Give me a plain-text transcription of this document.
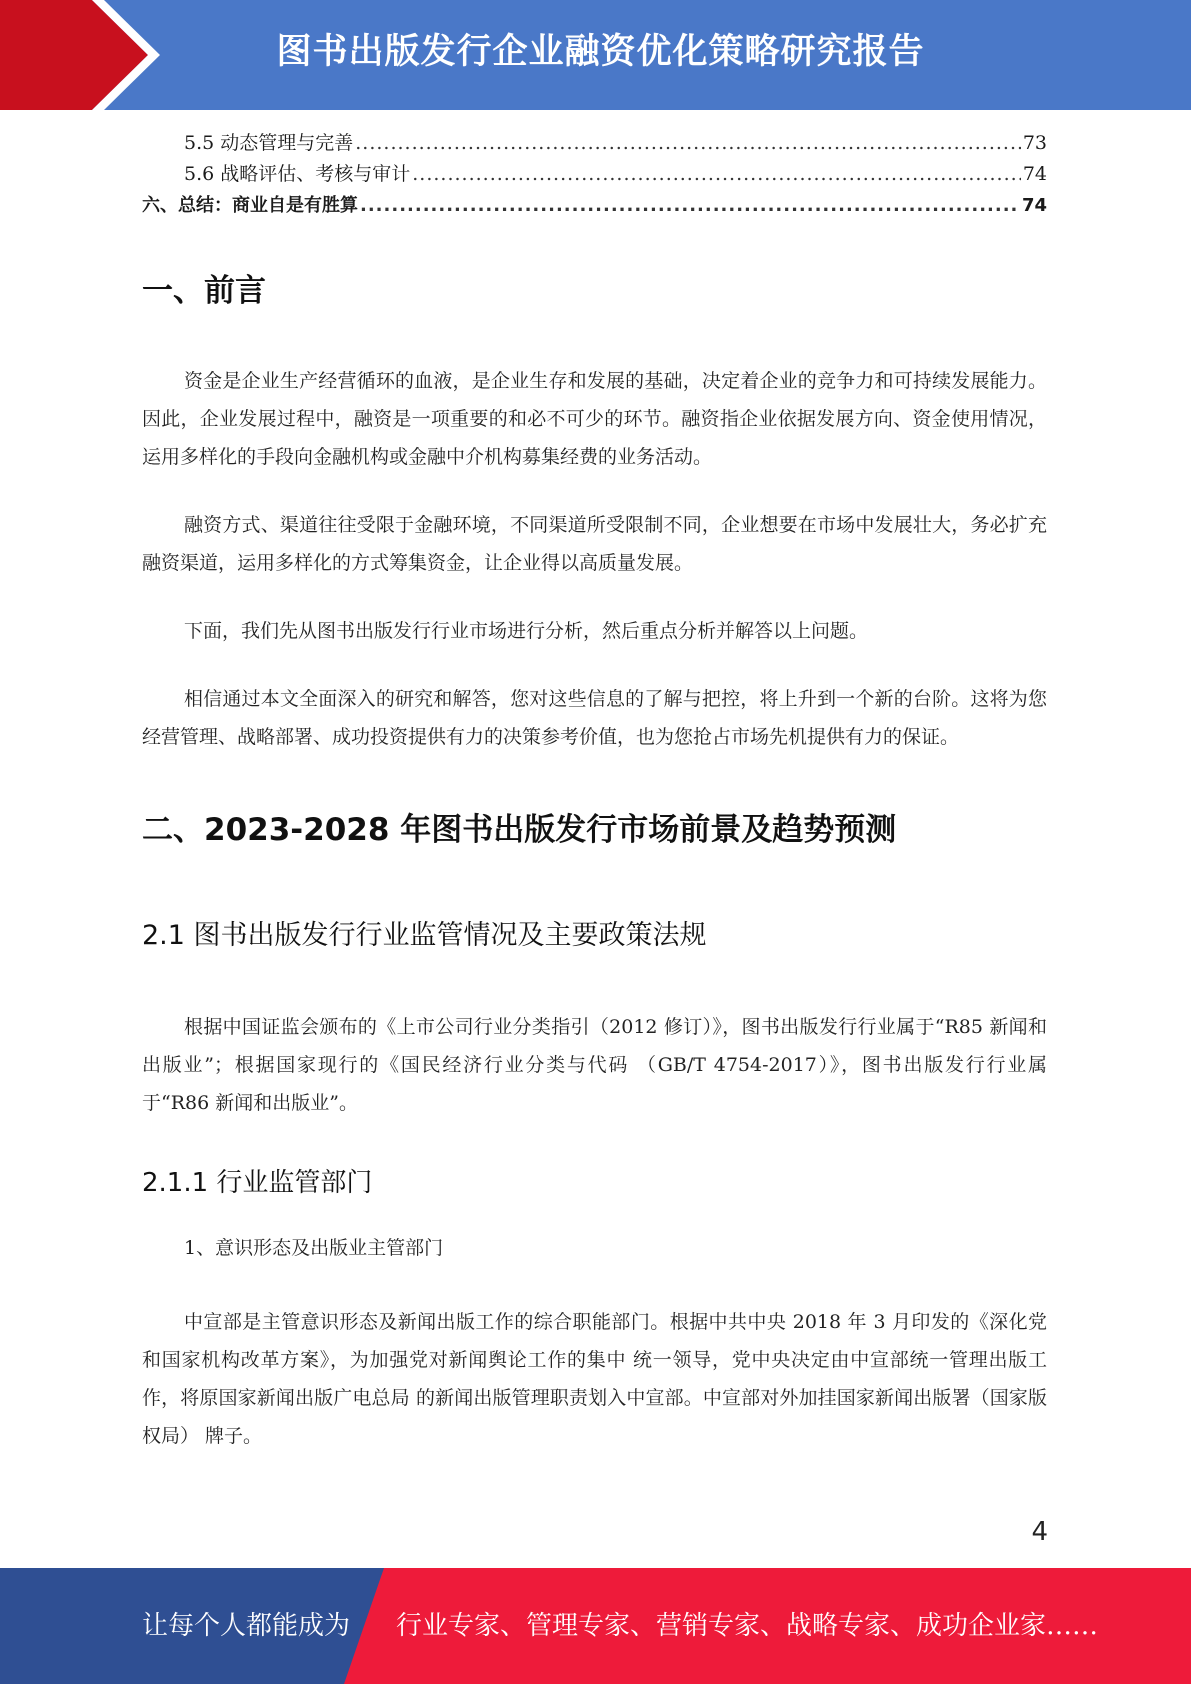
图书出版发行企业融资优化策略研究报告
5.5 动态管理与完善 .....	73
5.6 战略评估、考核与审计 .....	74
六、总结：商业自是有胜算 .....	74
一、前言

资金是企业生产经营循环的血液，是企业生存和发展的基础，决定着企业的竞争力和可持续发展能力。因此，企业发展过程中，融资是一项重要的和必不可少的环节。融资指企业依据发展方向、资金使用情况，运用多样化的手段向金融机构或金融中介机构募集经费的业务活动。

融资方式、渠道往往受限于金融环境，不同渠道所受限制不同，企业想要在市场中发展壮大，务必扩充融资渠道，运用多样化的方式筹集资金，让企业得以高质量发展。

下面，我们先从图书出版发行行业市场进行分析，然后重点分析并解答以上问题。

相信通过本文全面深入的研究和解答，您对这些信息的了解与把控，将上升到一个新的台阶。这将为您经营管理、战略部署、成功投资提供有力的决策参考价值，也为您抢占市场先机提供有力的保证。

二、2023-2028 年图书出版发行市场前景及趋势预测
2.1 图书出版发行行业监管情况及主要政策法规

根据中国证监会颁布的《上市公司行业分类指引（2012 修订）》，图书出版发行行业属于“R85 新闻和出版业”；根据国家现行的《国民经济行业分类与代码 （GB/T 4754-2017）》，图书出版发行行业属于“R86 新闻和出版业”。

2.1.1 行业监管部门

1、意识形态及出版业主管部门

中宣部是主管意识形态及新闻出版工作的综合职能部门。根据中共中央 2018 年 3 月印发的《深化党和国家机构改革方案》，为加强党对新闻舆论工作的集中 统一领导，党中央决定由中宣部统一管理出版工作，将原国家新闻出版广电总局 的新闻出版管理职责划入中宣部。中宣部对外加挂国家新闻出版署（国家版权局） 牌子。

4
让每个人都能成为 行业专家、管理专家、营销专家、战略专家、成功企业家……
